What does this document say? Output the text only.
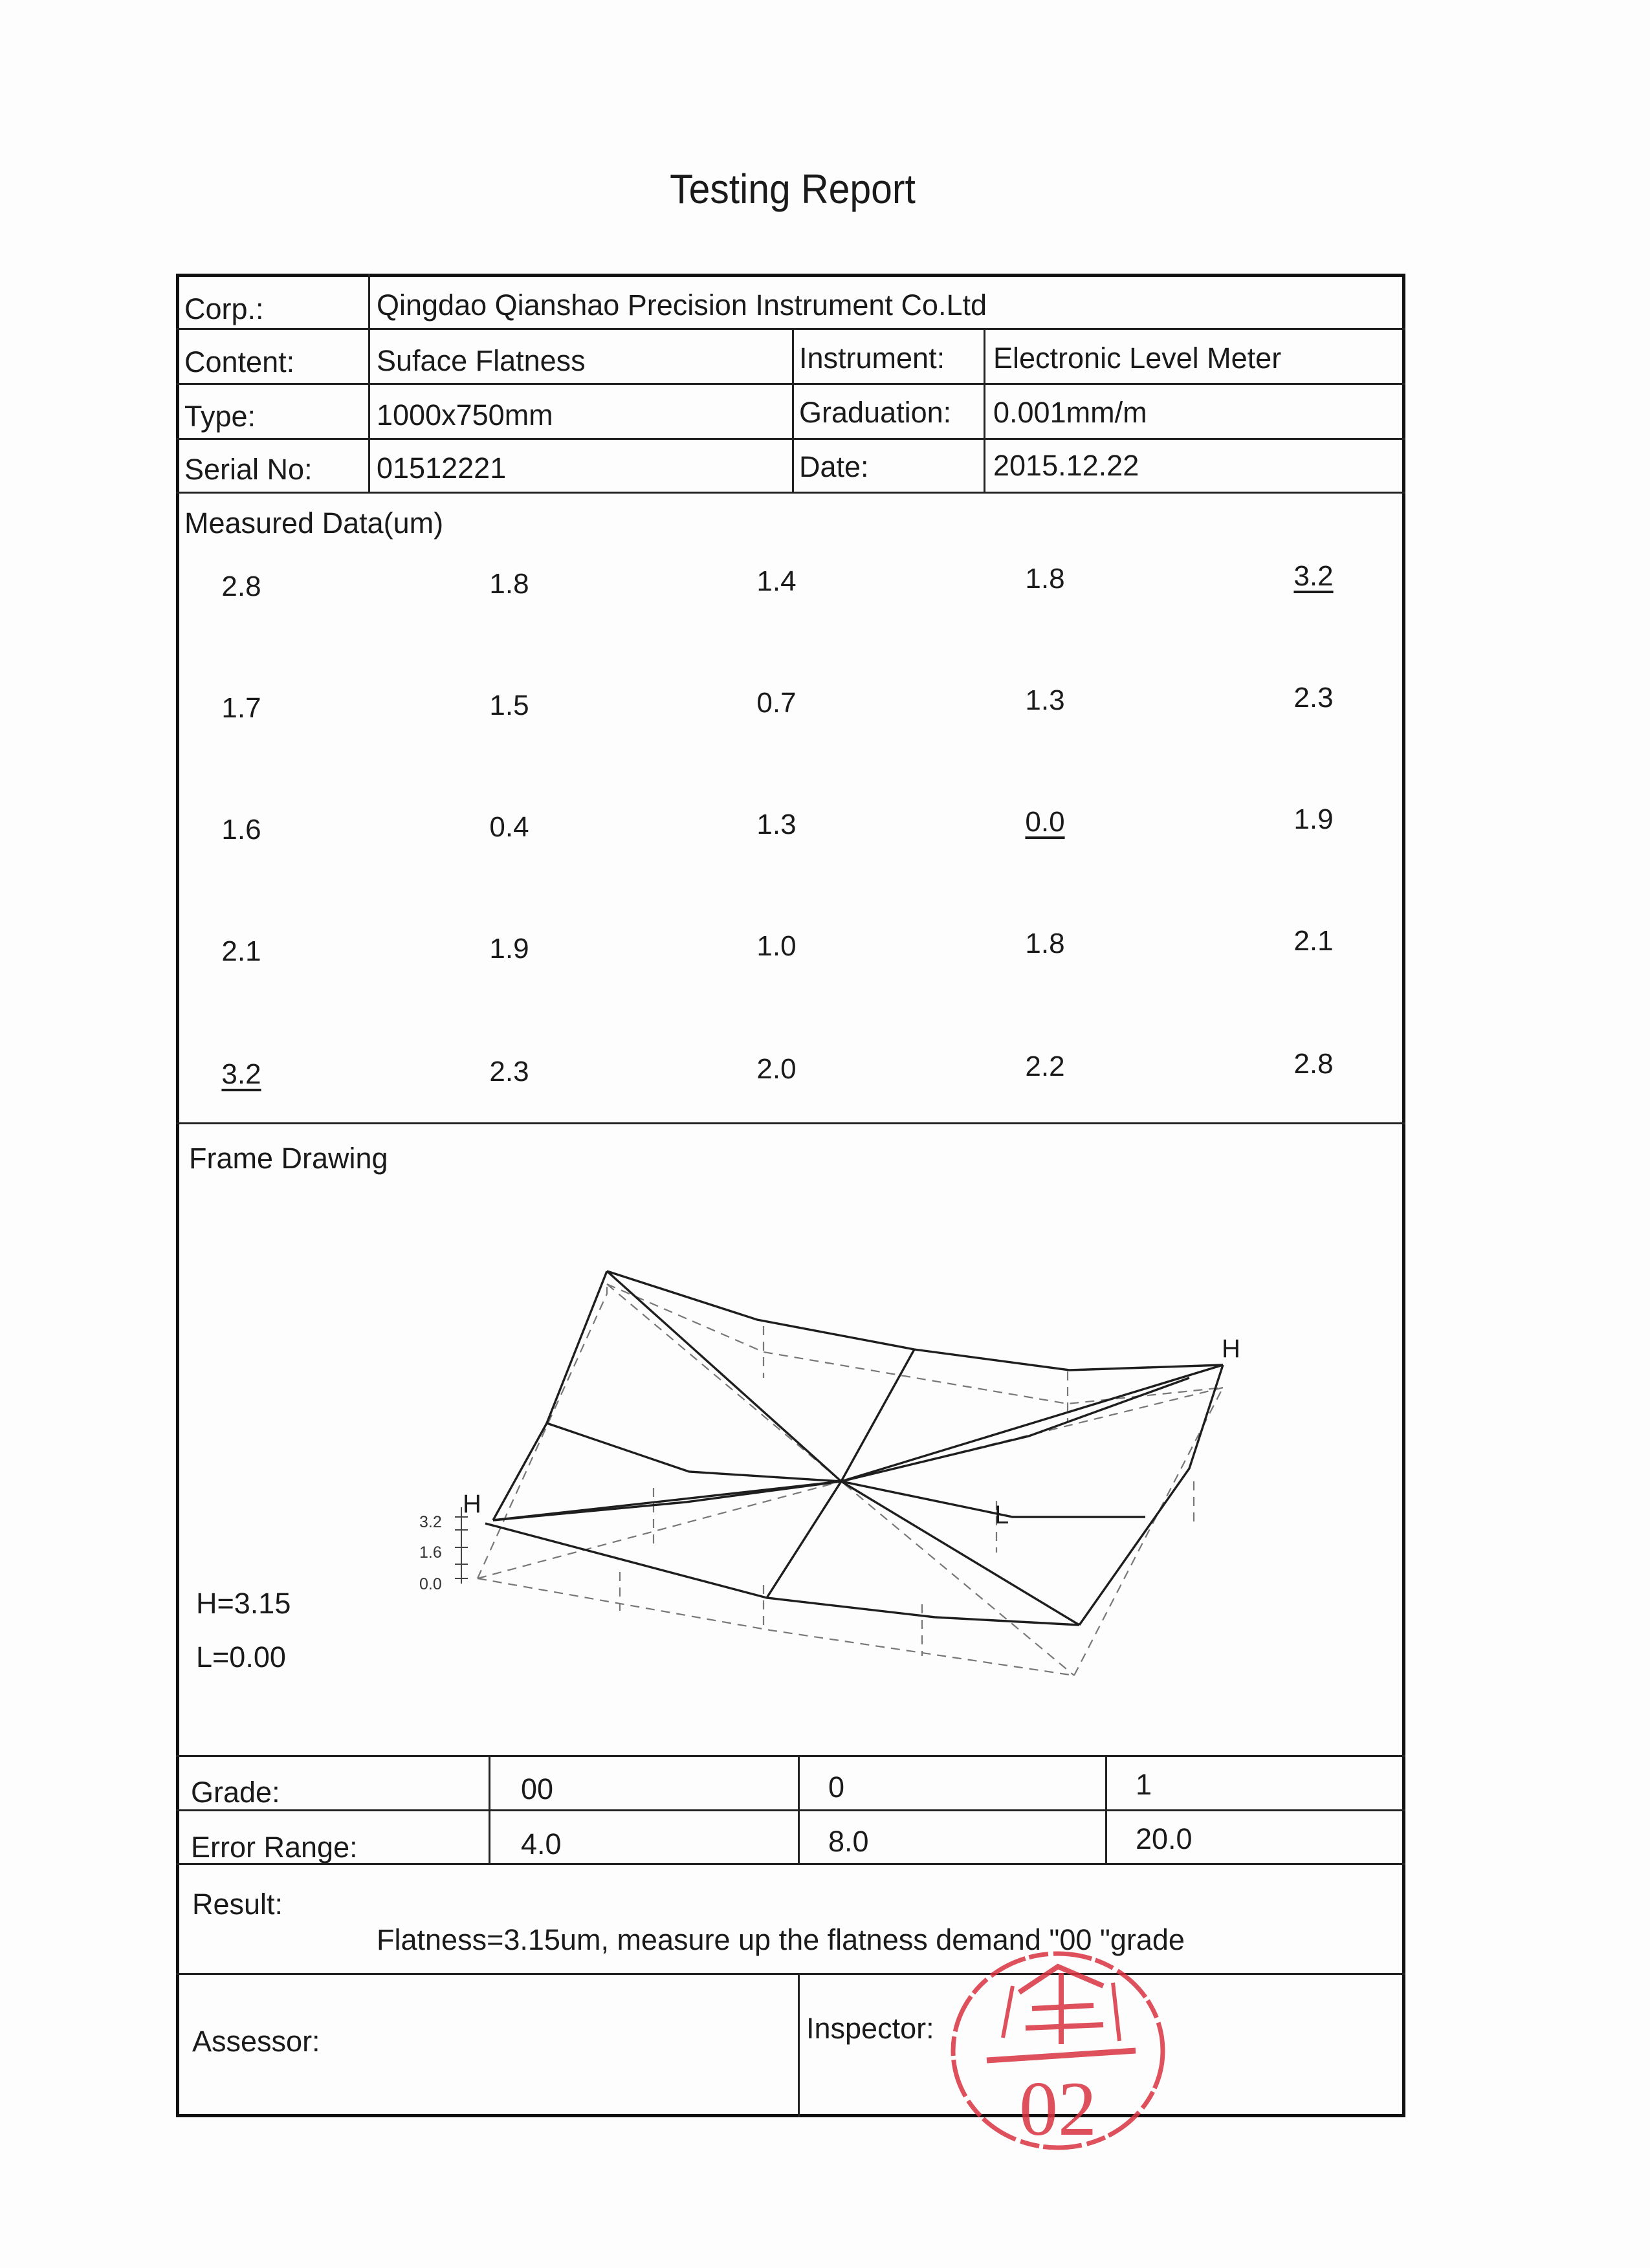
Testing Report
Corp.:	Qingdao Qianshao Precision Instrument Co.Ltd
Content:	Suface Flatness	Instrument: Electronic Level Meter
Type:	1000x750mm	Graduation: 0.001mm/m
Serial No: 01512221	Date:	2015.12.22
Measured Data(um)
2.8	1.8	1.4	1.8	3.2
1.7	1.5	0.7	1.3	2.3
1.6	0.4	1.3	0.0	1.9
2.1	1.9	1.0	1.8	2.1
3.2	2.3	2.0	2.2	2.8
Frame Drawing
3.2
1.6
0.0
H
H
L
H=3.15
L=0.00
Grade:	00	0	1
Error Range:	4.0	8.0	20.0
Result:
Flatness=3.15um, measure up the flatness demand "00 "grade
Assessor:	Inspector:
02
